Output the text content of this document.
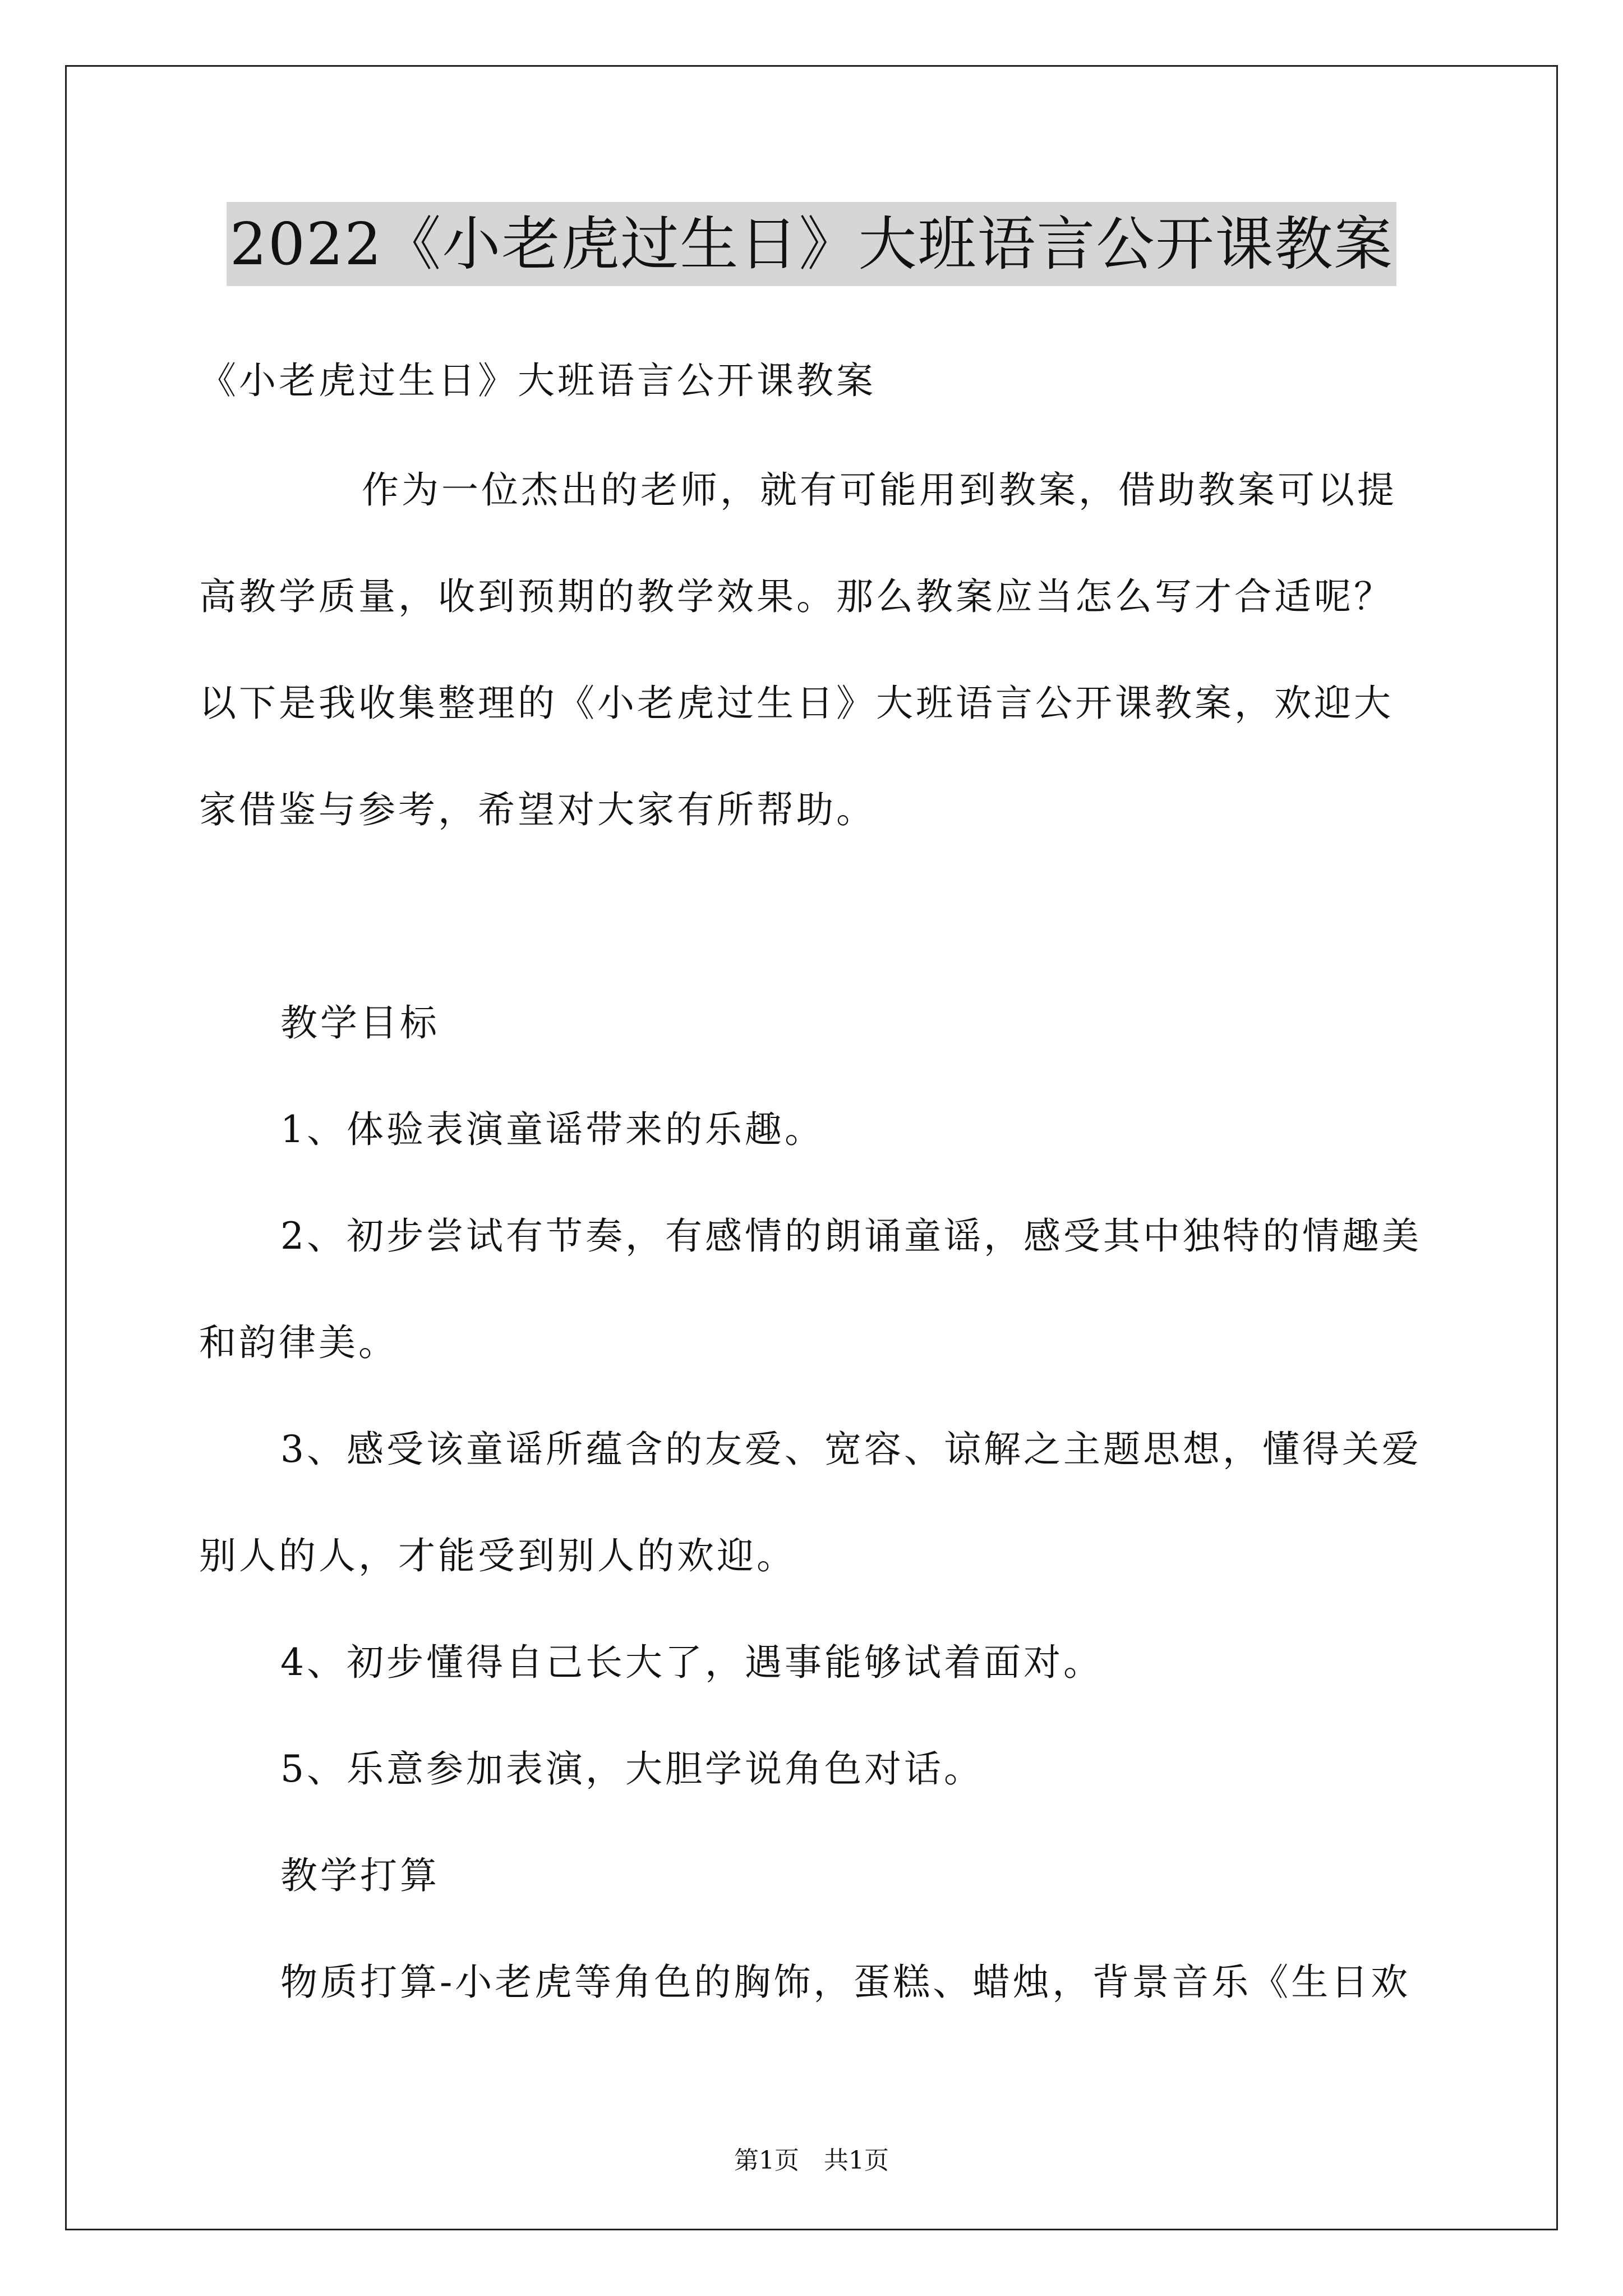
2022《小老虎过生日》大班语言公开课教案
《小老虎过生日》大班语言公开课教案
作为一位杰出的老师，就有可能用到教案，借助教案可以提
高教学质量，收到预期的教学效果。那么教案应当怎么写才合适呢？
以下是我收集整理的《小老虎过生日》大班语言公开课教案，欢迎大
家借鉴与参考，希望对大家有所帮助。
教学目标
1、体验表演童谣带来的乐趣。
2、初步尝试有节奏，有感情的朗诵童谣，感受其中独特的情趣美
和韵律美。
3、感受该童谣所蕴含的友爱、宽容、谅解之主题思想，懂得关爱
别人的人，才能受到别人的欢迎。
4、初步懂得自己长大了，遇事能够试着面对。
5、乐意参加表演，大胆学说角色对话。
教学打算
物质打算-小老虎等角色的胸饰，蛋糕、蜡烛，背景音乐《生日欢
第1页　共1页
